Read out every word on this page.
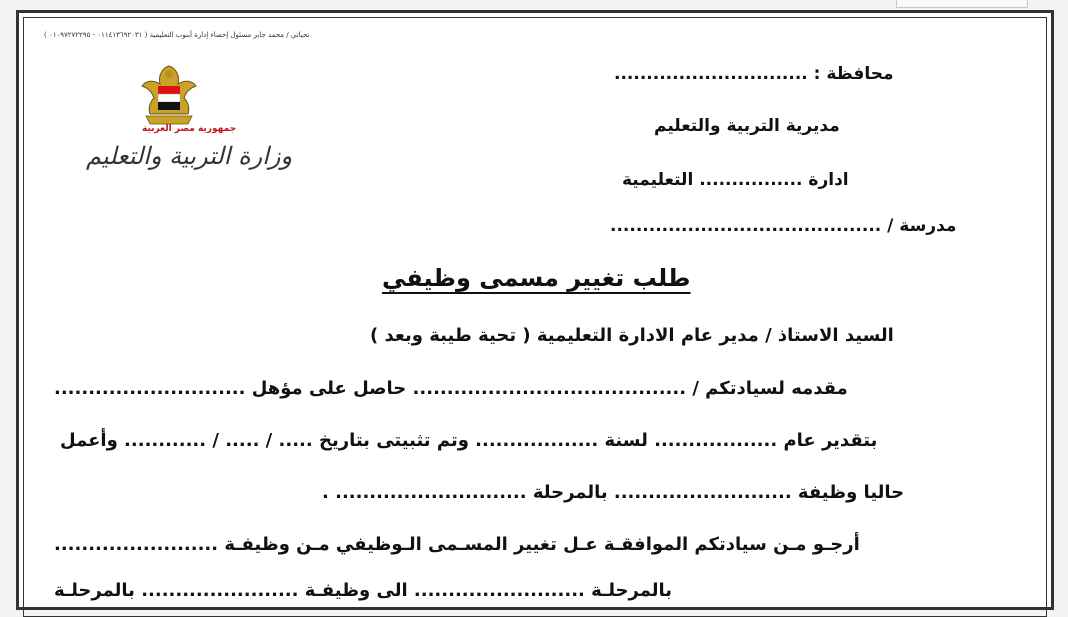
تحياتي / محمد جابر مسئول إحصاء إدارة أبنوب التعليمية ( ٠١١٤١٣٦٩٢٠٣١ - ٠١٠٩٧٢٧٢٢٩٥ )
جمهورية مصر العربية
وزارة التربية والتعليم
محافظة : ..............................
مديرية التربية والتعليم
ادارة ................ التعليمية
مدرسة / ..........................................
طلب تغيير مسمى وظيفي
السيد الاستاذ / مدير عام الادارة التعليمية ( تحية طيبة وبعد )
مقدمه لسيادتكم / ........................................ حاصل على مؤهل ............................
بتقدير عام .................. لسنة .................. وتم تثبيتى بتاريخ ..... / ..... / ............ وأعمل
حاليا وظيفة .......................... بالمرحلة ............................ .
أرجـو مـن سيادتكم الموافقـة عـل تغيير المسـمى الـوظيفي مـن وظيفـة ........................
بالمرحلـة ......................... الى وظيفـة ....................... بالمرحلـة
